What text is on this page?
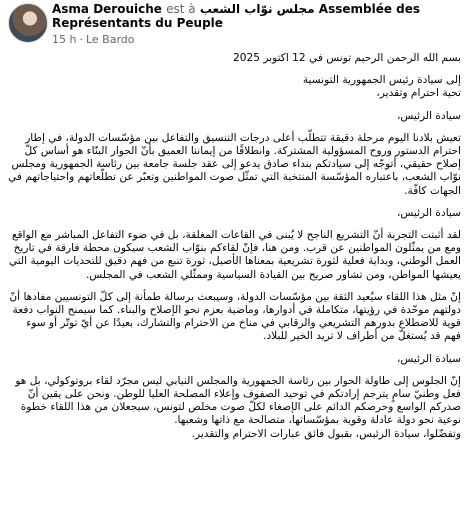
Asma Derouiche est à مجلس نوّاب الشعب Assemblée des Représentants du Peuple
15 h · Le Bardo

بسم الله الرحمن الرحيم تونس في 12 اكتوبر 2025

إلى سيادة رئيس الجمهورية التونسية

تحية احترام وتقدير،

سيادة الرئيس،

تعيش بلادنا اليوم مرحلة دقيقة تتطلّب أعلى درجات التنسيق والتفاعل بين مؤسّسات الدولة، في إطار احترام الدستور وروح المسؤولية المشتركة. وانطلاقًا من إيماننا العميق بأنّ الحوار البنّاء هو أساس كلّ إصلاح حقيقي، أتوجّه إلى سيادتكم بنداء صادق يدعو إلى عقد جلسة جامعة بين رئاسة الجمهورية ومجلس نوّاب الشعب، باعتباره المؤسّسة المنتخبة التي تمثّل صوت المواطنين وتعبّر عن تطلّعاتهم واحتياجاتهم في الجهات كافّة.

سيادة الرئيس،

لقد أثبتت التجربة أنّ التشريع الناجح لا يُبنى في القاعات المغلقة، بل في ضوء التفاعل المباشر مع الواقع ومع من يمثّلون المواطنين عن قرب. ومن هنا، فإنّ لقاءكم بنوّاب الشعب سيكون محطة فارقة في تاريخ العمل الوطني، وبداية فعلية لثورة تشريعية بمعناها الأصيل، ثورة تنبع من فهم دقيق للتحديات اليومية التي يعيشها المواطن، ومن تشاور صريح بين القيادة السياسية وممثّلي الشعب في المجلس.

إنّ مثل هذا اللقاء سيُعيد الثقة بين مؤسّسات الدولة، وسيبعث برسالة طمأنة إلى كلّ التونسيين مفادها أنّ دولتهم موحّدة في رؤيتها، متكاملة في أدوارها، وماضية بعزم نحو الإصلاح والبناء. كما سيمنح النواب دفعة قوية للاضطلاع بدورهم التشريعي والرقابي في مناخ من الاحترام والتشارك، بعيدًا عن أيّ توتّر أو سوء فهم قد يُستغلّ من أطراف لا تريد الخير للبلاد.

سيادة الرئيس،

إنّ الجلوس إلى طاولة الحوار بين رئاسة الجمهورية والمجلس النيابي ليس مجرّد لقاء بروتوكولي، بل هو فعل وطنيّ سامٍ يترجم إرادتكم في توحيد الصفوف وإعلاء المصلحة العليا للوطن. ونحن على يقين أنّ صدركم الواسع وحرصكم الدائم على الإصغاء لكلّ صوت مخلص لتونس، سيجعلان من هذا اللقاء خطوة نوعية نحو دولة عادلة وقوية بمؤسّساتها، متصالحة مع ذاتها وشعبها.

وتفضّلوا، سيادة الرئيس، بقبول فائق عبارات الاحترام والتقدير.
